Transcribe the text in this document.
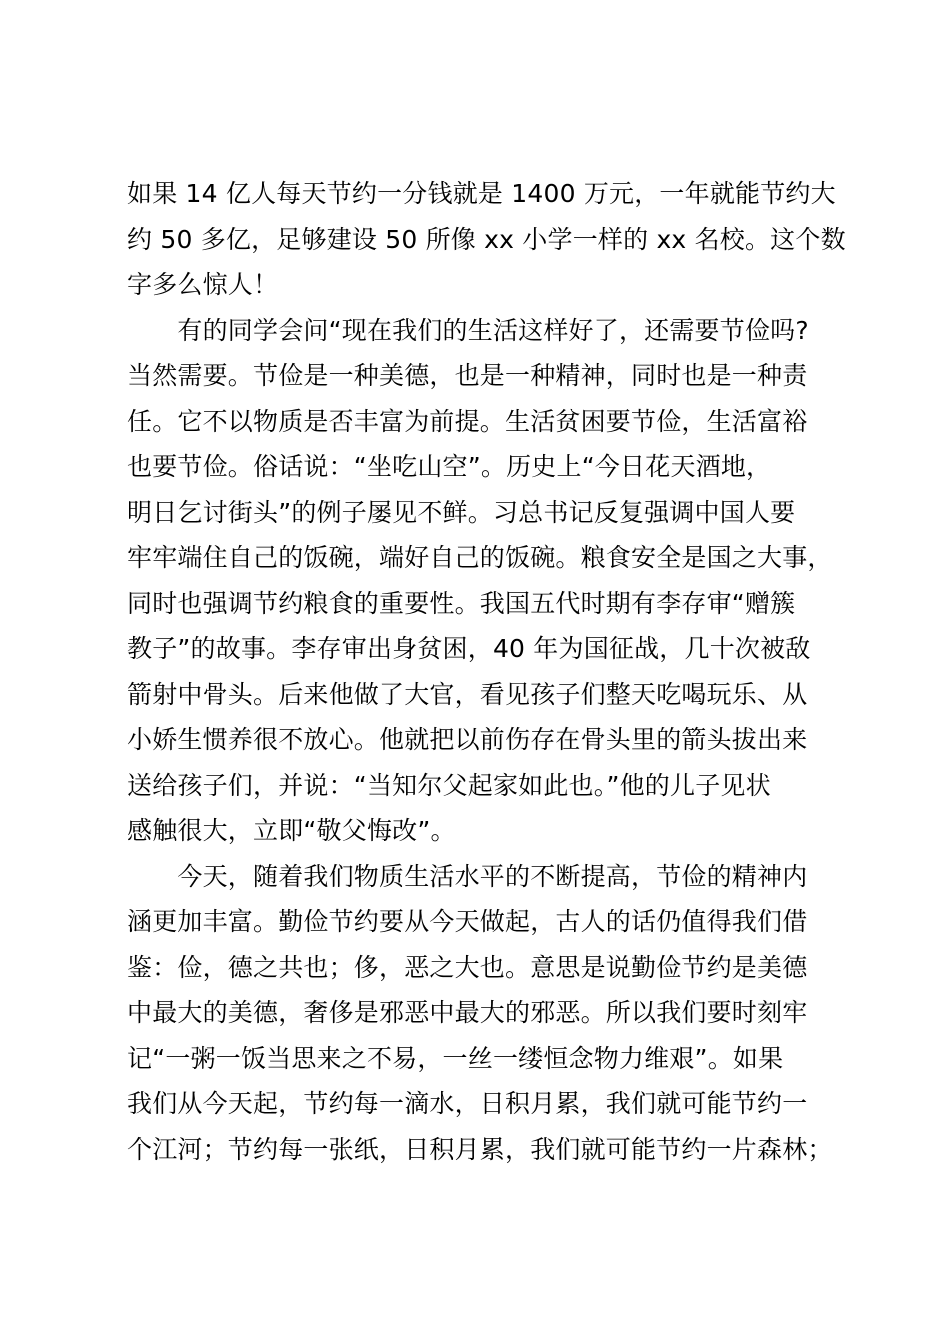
如果 14 亿人每天节约一分钱就是 1400 万元，一年就能节约大
约 50 多亿，足够建设 50 所像 xx 小学一样的 xx 名校。这个数
字多么惊人！
　　有的同学会问“现在我们的生活这样好了，还需要节俭吗?
当然需要。节俭是一种美德，也是一种精神，同时也是一种责
任。它不以物质是否丰富为前提。生活贫困要节俭，生活富裕
也要节俭。俗话说：“坐吃山空”。历史上“今日花天酒地，
明日乞讨街头”的例子屡见不鲜。习总书记反复强调中国人要
牢牢端住自己的饭碗，端好自己的饭碗。粮食安全是国之大事，
同时也强调节约粮食的重要性。我国五代时期有李存审“赠簇
教子”的故事。李存审出身贫困，40 年为国征战，几十次被敌
箭射中骨头。后来他做了大官，看见孩子们整天吃喝玩乐、从
小娇生惯养很不放心。他就把以前伤存在骨头里的箭头拔出来
送给孩子们，并说：“当知尔父起家如此也。”他的儿子见状
感触很大，立即“敬父悔改”。
　　今天，随着我们物质生活水平的不断提高，节俭的精神内
涵更加丰富。勤俭节约要从今天做起，古人的话仍值得我们借
鉴：俭，德之共也；侈，恶之大也。意思是说勤俭节约是美德
中最大的美德，奢侈是邪恶中最大的邪恶。所以我们要时刻牢
记“一粥一饭当思来之不易，一丝一缕恒念物力维艰”。如果
我们从今天起，节约每一滴水，日积月累，我们就可能节约一
个江河；节约每一张纸，日积月累，我们就可能节约一片森林；
